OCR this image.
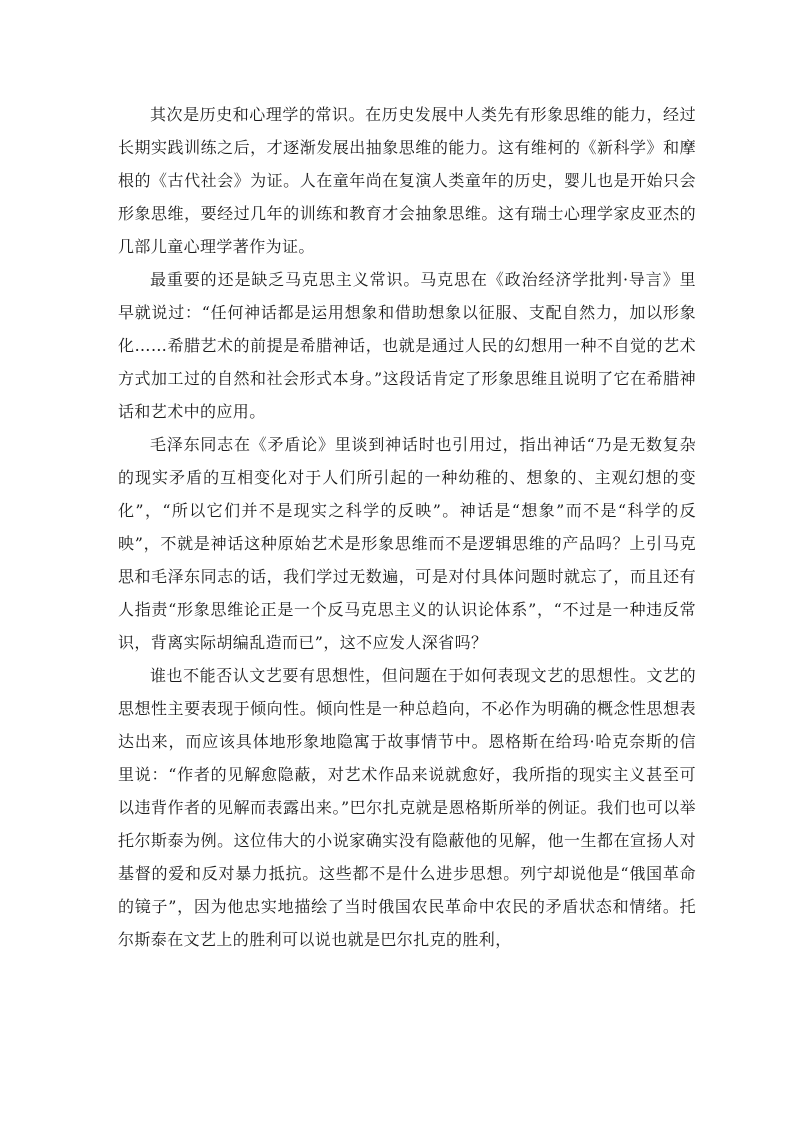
其次是历史和心理学的常识。在历史发展中人类先有形象思维的能力，经过长期实践训练之后，才逐渐发展出抽象思维的能力。这有维柯的《新科学》和摩根的《古代社会》为证。人在童年尚在复演人类童年的历史，婴儿也是开始只会形象思维，要经过几年的训练和教育才会抽象思维。这有瑞士心理学家皮亚杰的几部儿童心理学著作为证。

最重要的还是缺乏马克思主义常识。马克思在《政治经济学批判·导言》里早就说过：“任何神话都是运用想象和借助想象以征服、支配自然力，加以形象化……希腊艺术的前提是希腊神话，也就是通过人民的幻想用一种不自觉的艺术方式加工过的自然和社会形式本身。”这段话肯定了形象思维且说明了它在希腊神话和艺术中的应用。

毛泽东同志在《矛盾论》里谈到神话时也引用过，指出神话“乃是无数复杂的现实矛盾的互相变化对于人们所引起的一种幼稚的、想象的、主观幻想的变化”，“所以它们并不是现实之科学的反映”。神话是“想象”而不是“科学的反映”，不就是神话这种原始艺术是形象思维而不是逻辑思维的产品吗？上引马克思和毛泽东同志的话，我们学过无数遍，可是对付具体问题时就忘了，而且还有人指责“形象思维论正是一个反马克思主义的认识论体系”，“不过是一种违反常识，背离实际胡编乱造而已”，这不应发人深省吗？

谁也不能否认文艺要有思想性，但问题在于如何表现文艺的思想性。文艺的思想性主要表现于倾向性。倾向性是一种总趋向，不必作为明确的概念性思想表达出来，而应该具体地形象地隐寓于故事情节中。恩格斯在给玛·哈克奈斯的信里说：“作者的见解愈隐蔽，对艺术作品来说就愈好，我所指的现实主义甚至可以违背作者的见解而表露出来。”巴尔扎克就是恩格斯所举的例证。我们也可以举托尔斯泰为例。这位伟大的小说家确实没有隐蔽他的见解，他一生都在宣扬人对基督的爱和反对暴力抵抗。这些都不是什么进步思想。列宁却说他是“俄国革命的镜子”，因为他忠实地描绘了当时俄国农民革命中农民的矛盾状态和情绪。托尔斯泰在文艺上的胜利可以说也就是巴尔扎克的胜利，
